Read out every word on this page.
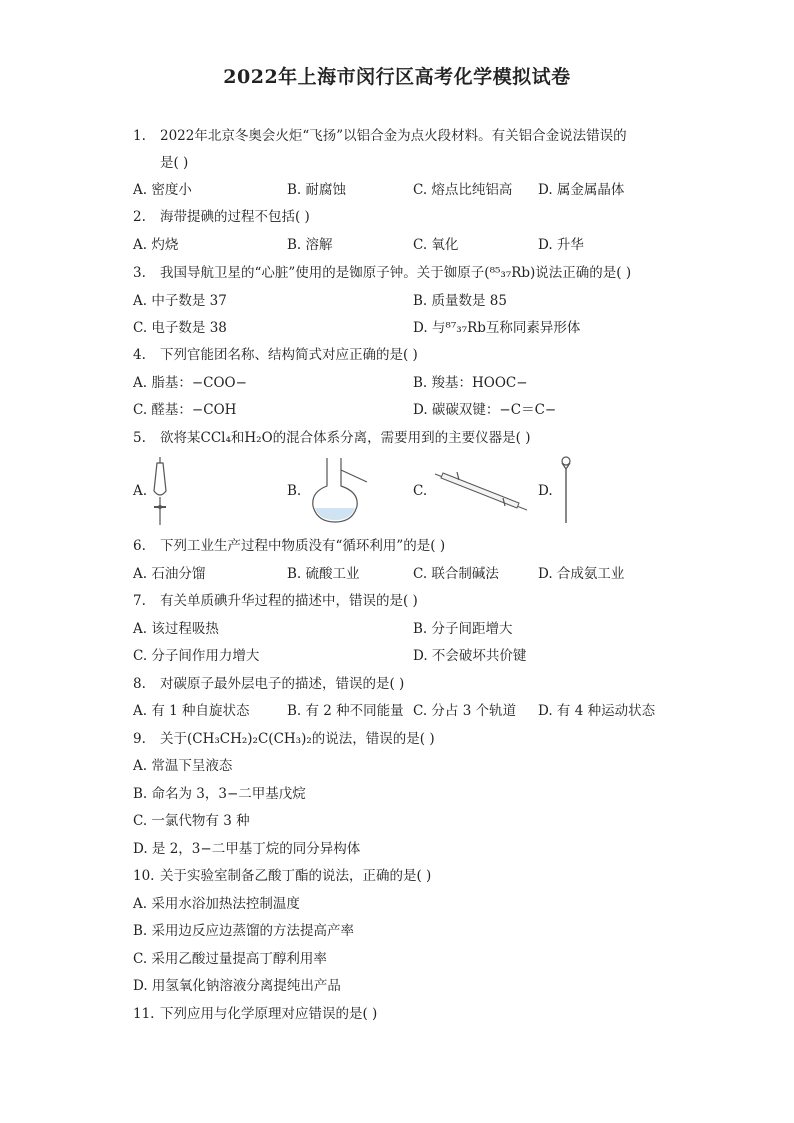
2022年上海市闵行区高考化学模拟试卷
1. 2022年北京冬奥会火炬“飞扬”以铝合金为点火段材料。有关铝合金说法错误的
是( )
A. 密度小	B. 耐腐蚀	C. 熔点比纯铝高 D. 属金属晶体
2. 海带提碘的过程不包括( )
A. 灼烧	B. 溶解	C. 氧化	D. 升华
3. 我国导航卫星的“心脏”使用的是铷原子钟。关于铷原子(⁸⁵₃₇Rb)说法正确的是( )
A. 中子数是 37	B. 质量数是 85
C. 电子数是 38	D. 与⁸⁷₃₇Rb互称同素异形体
4. 下列官能团名称、结构简式对应正确的是( )
A. 脂基：−COO−	B. 羧基：HOOC−
C. 醛基：−COH	D. 碳碳双键：−C＝C−
5. 欲将某CCl₄和H₂O的混合体系分离，需要用到的主要仪器是( )
A.	B.	C.	D.
6. 下列工业生产过程中物质没有“循环利用”的是( )
A. 石油分馏	B. 硫酸工业	C. 联合制碱法	D. 合成氨工业
7. 有关单质碘升华过程的描述中，错误的是( )
A. 该过程吸热	B. 分子间距增大
C. 分子间作用力增大	D. 不会破坏共价键
8. 对碳原子最外层电子的描述，错误的是( )
A. 有 1 种自旋状态	B. 有 2 种不同能量 C. 分占 3 个轨道 D. 有 4 种运动状态
9. 关于(CH₃CH₂)₂C(CH₃)₂的说法，错误的是( )
A. 常温下呈液态
B. 命名为 3，3−二甲基戊烷
C. 一氯代物有 3 种
D. 是 2，3−二甲基丁烷的同分异构体
10. 关于实验室制备乙酸丁酯的说法，正确的是( )
A. 采用水浴加热法控制温度
B. 采用边反应边蒸馏的方法提高产率
C. 采用乙酸过量提高丁醇利用率
D. 用氢氧化钠溶液分离提纯出产品
11. 下列应用与化学原理对应错误的是( )
